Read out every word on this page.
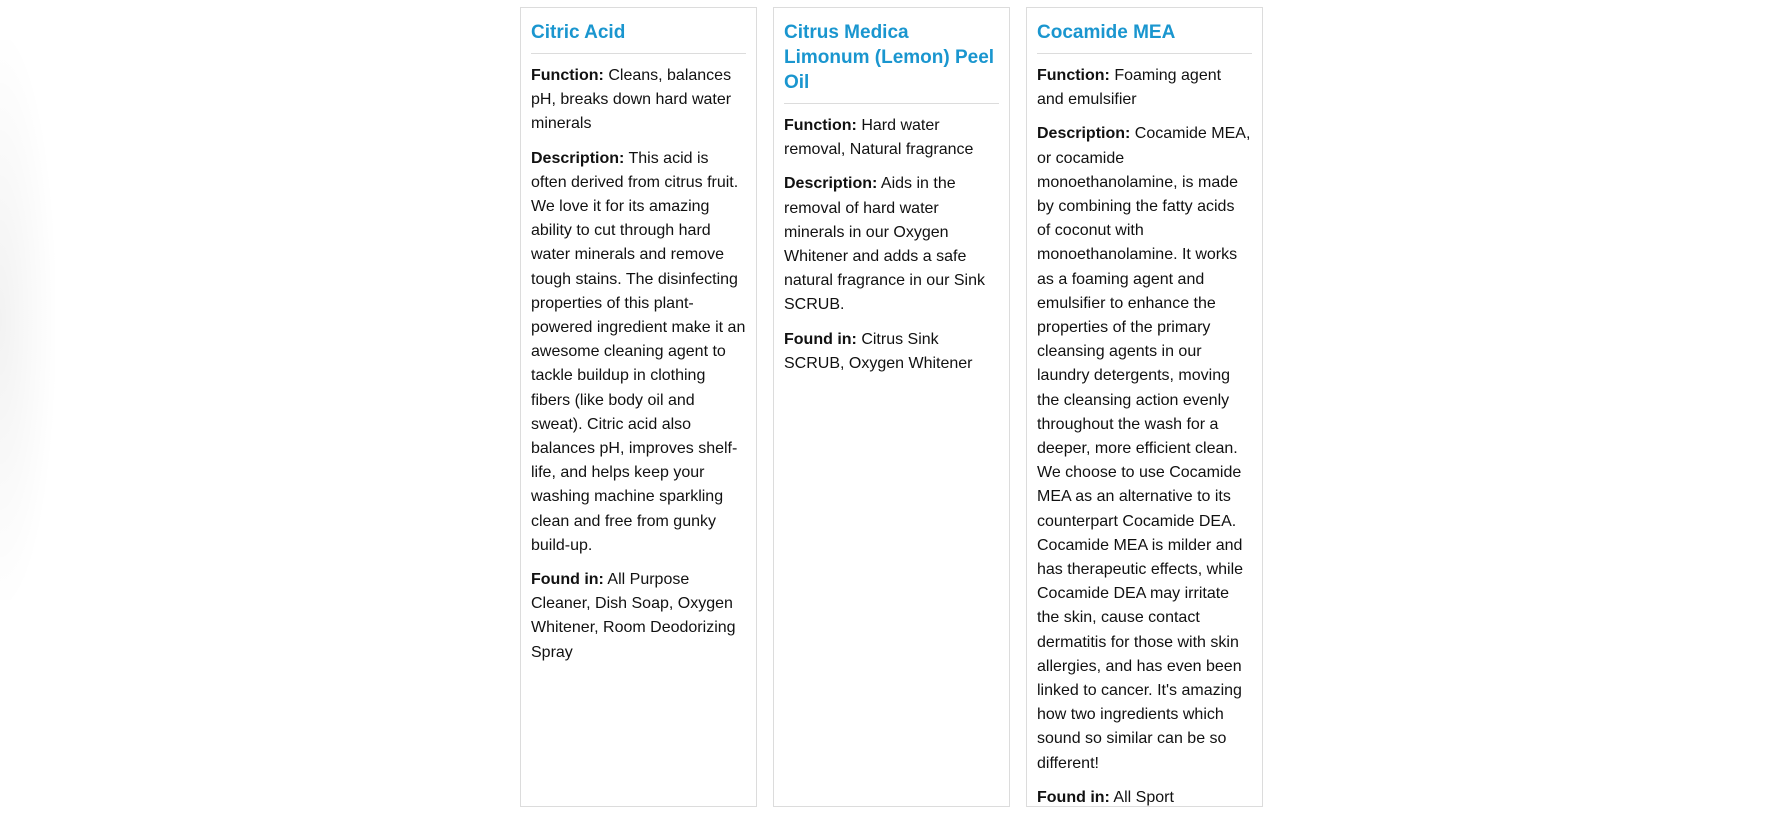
Citric Acid

Function: Cleans, balances pH, breaks down hard water minerals

Description: This acid is often derived from citrus fruit. We love it for its amazing ability to cut through hard water minerals and remove tough stains. The disinfecting properties of this plant-powered ingredient make it an awesome cleaning agent to tackle buildup in clothing fibers (like body oil and sweat). Citric acid also balances pH, improves shelf-life, and helps keep your washing machine sparkling clean and free from gunky build-up.

Found in: All Purpose Cleaner, Dish Soap, Oxygen Whitener, Room Deodorizing Spray

Citrus Medica Limonum (Lemon) Peel Oil

Function: Hard water removal, Natural fragrance

Description: Aids in the removal of hard water minerals in our Oxygen Whitener and adds a safe natural fragrance in our Sink SCRUB.

Found in: Citrus Sink SCRUB, Oxygen Whitener

Cocamide MEA

Function: Foaming agent and emulsifier

Description: Cocamide MEA, or cocamide monoethanolamine, is made by combining the fatty acids of coconut with monoethanolamine. It works as a foaming agent and emulsifier to enhance the properties of the primary cleansing agents in our laundry detergents, moving the cleansing action evenly throughout the wash for a deeper, more efficient clean. We choose to use Cocamide MEA as an alternative to its counterpart Cocamide DEA. Cocamide MEA is milder and has therapeutic effects, while Cocamide DEA may irritate the skin, cause contact dermatitis for those with skin allergies, and has even been linked to cancer. It's amazing how two ingredients which sound so similar can be so different!

Found in: All Sport
